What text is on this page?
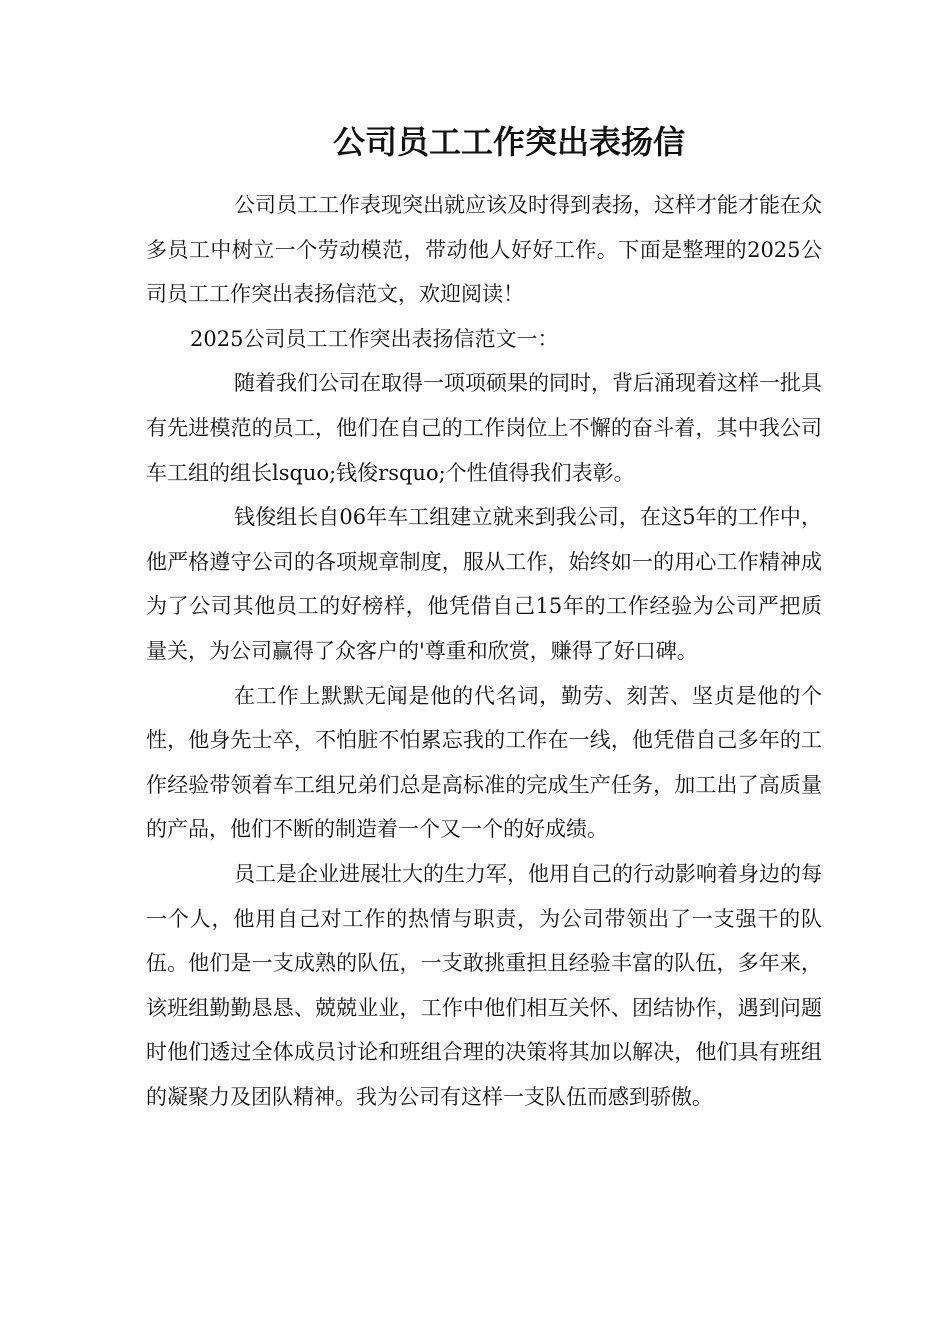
公司员工工作突出表扬信

公司员工工作表现突出就应该及时得到表扬，这样才能才能在众多员工中树立一个劳动模范，带动他人好好工作。下面是整理的2025公司员工工作突出表扬信范文，欢迎阅读！

2025公司员工工作突出表扬信范文一：

随着我们公司在取得一项项硕果的同时，背后涌现着这样一批具有先进模范的员工，他们在自己的工作岗位上不懈的奋斗着，其中我公司车工组的组长lsquo;钱俊rsquo;个性值得我们表彰。

钱俊组长自06年车工组建立就来到我公司，在这5年的工作中，他严格遵守公司的各项规章制度，服从工作，始终如一的用心工作精神成为了公司其他员工的好榜样，他凭借自己15年的工作经验为公司严把质量关，为公司赢得了众客户的'尊重和欣赏，赚得了好口碑。

在工作上默默无闻是他的代名词，勤劳、刻苦、坚贞是他的个性，他身先士卒，不怕脏不怕累忘我的工作在一线，他凭借自己多年的工作经验带领着车工组兄弟们总是高标准的完成生产任务，加工出了高质量的产品，他们不断的制造着一个又一个的好成绩。

员工是企业进展壮大的生力军，他用自己的行动影响着身边的每一个人，他用自己对工作的热情与职责，为公司带领出了一支强干的队伍。他们是一支成熟的队伍，一支敢挑重担且经验丰富的队伍，多年来，该班组勤勤恳恳、兢兢业业，工作中他们相互关怀、团结协作，遇到问题时他们透过全体成员讨论和班组合理的决策将其加以解决，他们具有班组的凝聚力及团队精神。我为公司有这样一支队伍而感到骄傲。
